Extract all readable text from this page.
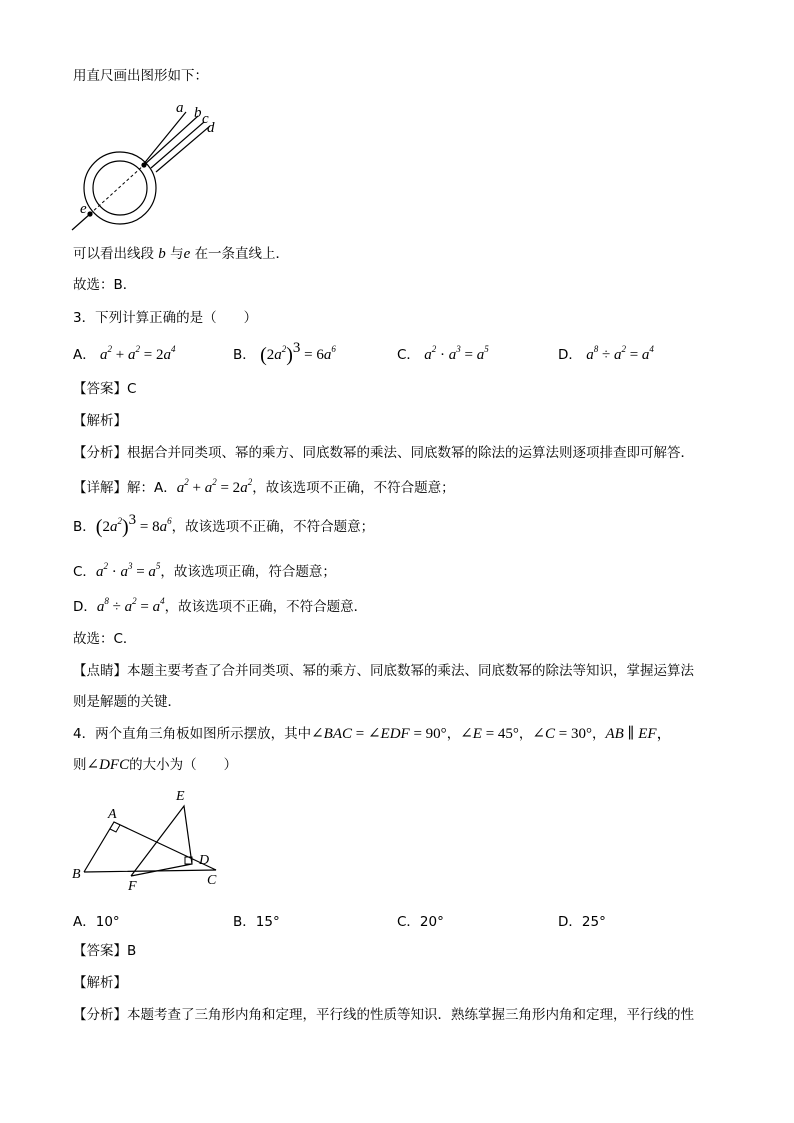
用直尺画出图形如下：
a b c
d
e
可以看出线段 b 与e 在一条直线上．
故选：B．
3．下列计算正确的是（　　）
A． $a^2 + a^2 = 2a^4$	B． $(2a^2)^3 = 6a^6$	C． $a^2 \cdot a^3 = a^5$	D． $a^8 \div a^2 = a^4$
【答案】C
【解析】
【分析】根据合并同类项、幂的乘方、同底数幂的乘法、同底数幂的除法的运算法则逐项排查即可解答．
【详解】解：A．$a^2 + a^2 = 2a^2$，故该选项不正确，不符合题意；
B．$(2a^2)^3 = 8a^6$，故该选项不正确，不符合题意；
C．$a^2 \cdot a^3 = a^5$，故该选项正确，符合题意；
D．$a^8 \div a^2 = a^4$，故该选项不正确，不符合题意．
故选：C．
【点睛】本题主要考查了合并同类项、幂的乘方、同底数幂的乘法、同底数幂的除法等知识，掌握运算法
则是解题的关键．
4．两个直角三角板如图所示摆放，其中∠BAC = ∠EDF = 90°，∠E = 45°，∠C = 30°，AB ∥ EF，
则∠DFC的大小为（　　）
A
B	C
D
E
F
A．10°	B．15°	C．20°	D．25°
【答案】B
【解析】
【分析】本题考查了三角形内角和定理，平行线的性质等知识．熟练掌握三角形内角和定理，平行线的性
